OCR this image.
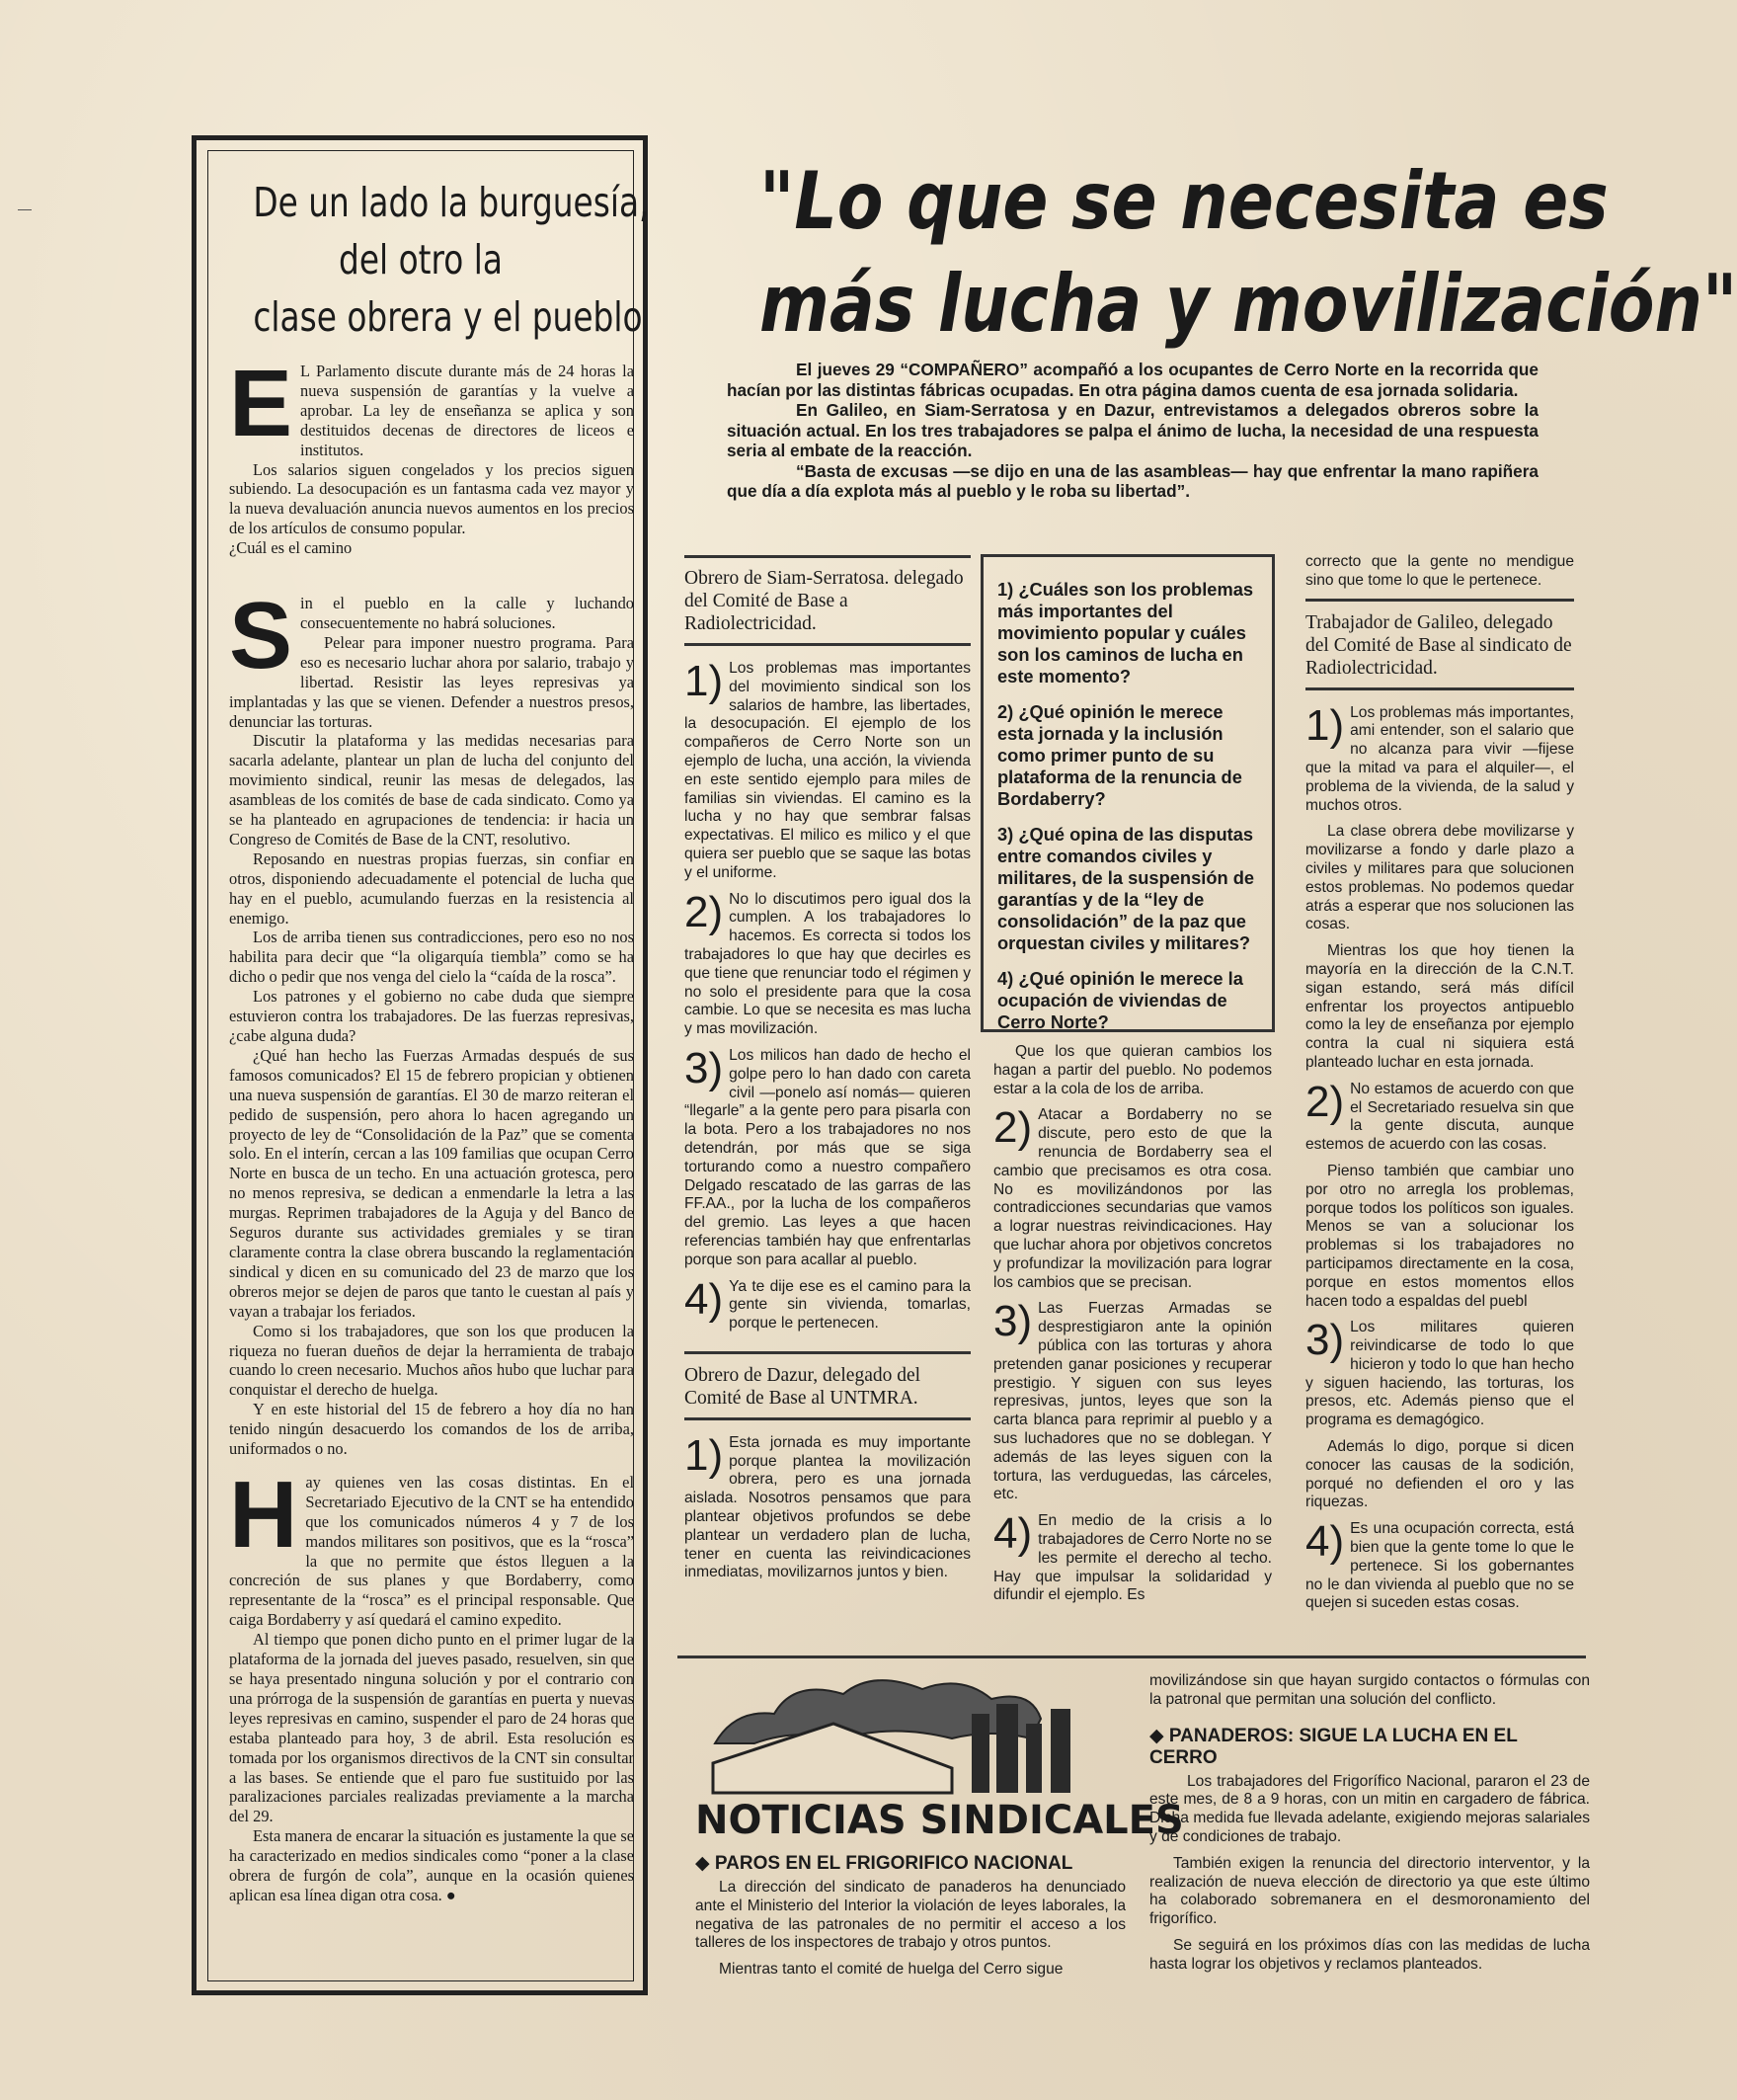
De un lado la burguesía,
del otro la
clase obrera y el pueblo
E L Parlamento discute durante más de 24 horas la nueva suspensión de garantías y la vuelve a aprobar. La ley de enseñanza se aplica y son destituidos decenas de directores de liceos e institutos.

Los salarios siguen congelados y los precios siguen subiendo. La desocupación es un fantasma cada vez mayor y la nueva devaluación anuncia nuevos aumentos en los precios de los artículos de consumo popular.

¿Cuál es el camino

S in el pueblo en la calle y luchando consecuentemente no habrá soluciones.

Pelear para imponer nuestro programa. Para eso es necesario luchar ahora por salario, trabajo y libertad. Resistir las leyes represivas ya implantadas y las que se vienen. Defender a nuestros presos, denunciar las torturas.

Discutir la plataforma y las medidas necesarias para sacarla adelante, plantear un plan de lucha del conjunto del movimiento sindical, reunir las mesas de delegados, las asambleas de los comités de base de cada sindicato. Como ya se ha planteado en agrupaciones de tendencia: ir hacia un Congreso de Comités de Base de la CNT, resolutivo.

Reposando en nuestras propias fuerzas, sin confiar en otros, disponiendo adecuadamente el potencial de lucha que hay en el pueblo, acumulando fuerzas en la resistencia al enemigo.

Los de arriba tienen sus contradicciones, pero eso no nos habilita para decir que “la oligarquía tiembla” como se ha dicho o pedir que nos venga del cielo la “caída de la rosca”.

Los patrones y el gobierno no cabe duda que siempre estuvieron contra los trabajadores. De las fuerzas represivas, ¿cabe alguna duda?

¿Qué han hecho las Fuerzas Armadas después de sus famosos comunicados? El 15 de febrero propician y obtienen una nueva suspensión de garantías. El 30 de marzo reiteran el pedido de suspensión, pero ahora lo hacen agregando un proyecto de ley de “Consolidación de la Paz” que se comenta solo. En el interín, cercan a las 109 familias que ocupan Cerro Norte en busca de un techo. En una actuación grotesca, pero no menos represiva, se dedican a enmendarle la letra a las murgas. Reprimen trabajadores de la Aguja y del Banco de Seguros durante sus actividades gremiales y se tiran claramente contra la clase obrera buscando la reglamentación sindical y dicen en su comunicado del 23 de marzo que los obreros mejor se dejen de paros que tanto le cuestan al país y vayan a trabajar los feriados.

Como si los trabajadores, que son los que producen la riqueza no fueran dueños de dejar la herramienta de trabajo cuando lo creen necesario. Muchos años hubo que luchar para conquistar el derecho de huelga.

Y en este historial del 15 de febrero a hoy día no han tenido ningún desacuerdo los comandos de los de arriba, uniformados o no.

H ay quienes ven las cosas distintas. En el Secretariado Ejecutivo de la CNT se ha entendido que los comunicados números 4 y 7 de los mandos militares son positivos, que es la “rosca” la que no permite que éstos lleguen a la concreción de sus planes y que Bordaberry, como representante de la “rosca” es el principal responsable. Que caiga Bordaberry y así quedará el camino expedito.

Al tiempo que ponen dicho punto en el primer lugar de la plataforma de la jornada del jueves pasado, resuelven, sin que se haya presentado ninguna solución y por el contrario con una prórroga de la suspensión de garantías en puerta y nuevas leyes represivas en camino, suspender el paro de 24 horas que estaba planteado para hoy, 3 de abril. Esta resolución es tomada por los organismos directivos de la CNT sin consultar a las bases. Se entiende que el paro fue sustituido por las paralizaciones parciales realizadas previamente a la marcha del 29.

Esta manera de encarar la situación es justamente la que se ha caracterizado en medios sindicales como “poner a la clase obrera de furgón de cola”, aunque en la ocasión quienes aplican esa línea digan otra cosa. ●

"Lo que se necesita es
más lucha y movilización"

El jueves 29 “COMPAÑERO” acompañó a los ocupantes de Cerro Norte en la recorrida que hacían por las distintas fábricas ocupadas. En otra página damos cuenta de esa jornada solidaria.

En Galileo, en Siam-Serratosa y en Dazur, entrevistamos a delegados obreros sobre la situación actual. En los tres trabajadores se palpa el ánimo de lucha, la necesidad de una respuesta seria al embate de la reacción.

“Basta de excusas —se dijo en una de las asambleas— hay que enfrentar la mano rapiñera que día a día explota más al pueblo y le roba su libertad”.

Obrero de Siam-Serratosa. delegado del Comité de Base a Radiolectricidad.

1) Los problemas mas importantes del movimiento sindical son los salarios de hambre, las libertades, la desocupación. El ejemplo de los compañeros de Cerro Norte son un ejemplo de lucha, una acción, la vivienda en este sentido ejemplo para miles de familias sin viviendas. El camino es la lucha y no hay que sembrar falsas expectativas. El milico es milico y el que quiera ser pueblo que se saque las botas y el uniforme.
2) No lo discutimos pero igual dos la cumplen. A los trabajadores lo hacemos. Es correcta si todos los trabajadores lo que hay que decirles es que tiene que renunciar todo el régimen y no solo el presidente para que la cosa cambie. Lo que se necesita es mas lucha y mas movilización.
3) Los milicos han dado de hecho el golpe pero lo han dado con careta civil —ponelo así nomás— quieren “llegarle” a la gente pero para pisarla con la bota. Pero a los trabajadores no nos detendrán, por más que se siga torturando como a nuestro compañero Delgado rescatado de las garras de las FF.AA., por la lucha de los compañeros del gremio. Las leyes a que hacen referencias también hay que enfrentarlas porque son para acallar al pueblo.
4) Ya te dije ese es el camino para la gente sin vivienda, tomarlas, porque le pertenecen.

Obrero de Dazur, delegado del Comité de Base al UNTMRA.

1) Esta jornada es muy importante porque plantea la movilización obrera, pero es una jornada aislada. Nosotros pensamos que para plantear objetivos profundos se debe plantear un verdadero plan de lucha, tener en cuenta las reivindicaciones inmediatas, movilizarnos juntos y bien.

1) ¿Cuáles son los problemas más importantes del movimiento popular y cuáles son los caminos de lucha en este momento?

2) ¿Qué opinión le merece esta jornada y la inclusión como primer punto de su plataforma de la renuncia de Bordaberry?

3) ¿Qué opina de las disputas entre comandos civiles y militares, de la suspensión de garantías y de la “ley de consolidación” de la paz que orquestan civiles y militares?

4) ¿Qué opinión le merece la ocupación de viviendas de Cerro Norte?

Que los que quieran cambios los hagan a partir del pueblo. No podemos estar a la cola de los de arriba.

2) Atacar a Bordaberry no se discute, pero esto de que la renuncia de Bordaberry sea el cambio que precisamos es otra cosa. No es movilizándonos por las contradicciones secundarias que vamos a lograr nuestras reivindicaciones. Hay que luchar ahora por objetivos concretos y profundizar la movilización para lograr los cambios que se precisan.
3) Las Fuerzas Armadas se desprestigiaron ante la opinión pública con las torturas y ahora pretenden ganar posiciones y recuperar prestigio. Y siguen con sus leyes represivas, juntos, leyes que son la carta blanca para reprimir al pueblo y a sus luchadores que no se doblegan. Y además de las leyes siguen con la tortura, las verduguedas, las cárceles, etc.
4) En medio de la crisis a lo trabajadores de Cerro Norte no se les permite el derecho al techo. Hay que impulsar la solidaridad y difundir el ejemplo. Es

correcto que la gente no mendigue sino que tome lo que le pertenece.

Trabajador de Galileo, delegado del Comité de Base al sindicato de Radiolectricidad.

1) Los problemas más importantes, ami entender, son el salario que no alcanza para vivir —fijese que la mitad va para el alquiler—, el problema de la vivienda, de la salud y muchos otros.

La clase obrera debe movilizarse y movilizarse a fondo y darle plazo a civiles y militares para que solucionen estos problemas. No podemos quedar atrás a esperar que nos solucionen las cosas.

Mientras los que hoy tienen la mayoría en la dirección de la C.N.T. sigan estando, será más difícil enfrentar los proyectos antipueblo como la ley de enseñanza por ejemplo contra la cual ni siquiera está planteado luchar en esta jornada.

2) No estamos de acuerdo con que el Secretariado resuelva sin que la gente discuta, aunque estemos de acuerdo con las cosas.

Pienso también que cambiar uno por otro no arregla los problemas, porque todos los políticos son iguales. Menos se van a solucionar los problemas si los trabajadores no participamos directamente en la cosa, porque en estos momentos ellos hacen todo a espaldas del puebl

3) Los militares quieren reivindicarse de todo lo que hicieron y todo lo que han hecho y siguen haciendo, las torturas, los presos, etc. Además pienso que el programa es demagógico.

Además lo digo, porque si dicen conocer las causas de la sodición, porqué no defienden el oro y las riquezas.

4) Es una ocupación correcta, está bien que la gente tome lo que le pertenece. Si los gobernantes no le dan vivienda al pueblo que no se quejen si suceden estas cosas.
NOTICIAS SINDICALES

◆ PAROS EN EL FRIGORIFICO NACIONAL

La dirección del sindicato de panaderos ha denunciado ante el Ministerio del Interior la violación de leyes laborales, la negativa de las patronales de no permitir el acceso a los talleres de los inspectores de trabajo y otros puntos.
Mientras tanto el comité de huelga del Cerro sigue

movilizándose sin que hayan surgido contactos o fórmulas con la patronal que permitan una solución del conflicto.

◆ PANADEROS: SIGUE LA LUCHA EN EL CERRO

Los trabajadores del Frigorífico Nacional, pararon el 23 de este mes, de 8 a 9 horas, con un mitin en cargadero de fábrica. Dicha medida fue llevada adelante, exigiendo mejoras salariales y de condiciones de trabajo.

También exigen la renuncia del directorio interventor, y la realización de nueva elección de directorio ya que este último ha colaborado sobremanera en el desmoronamiento del frigorífico.

Se seguirá en los próximos días con las medidas de lucha hasta lograr los objetivos y reclamos planteados.
